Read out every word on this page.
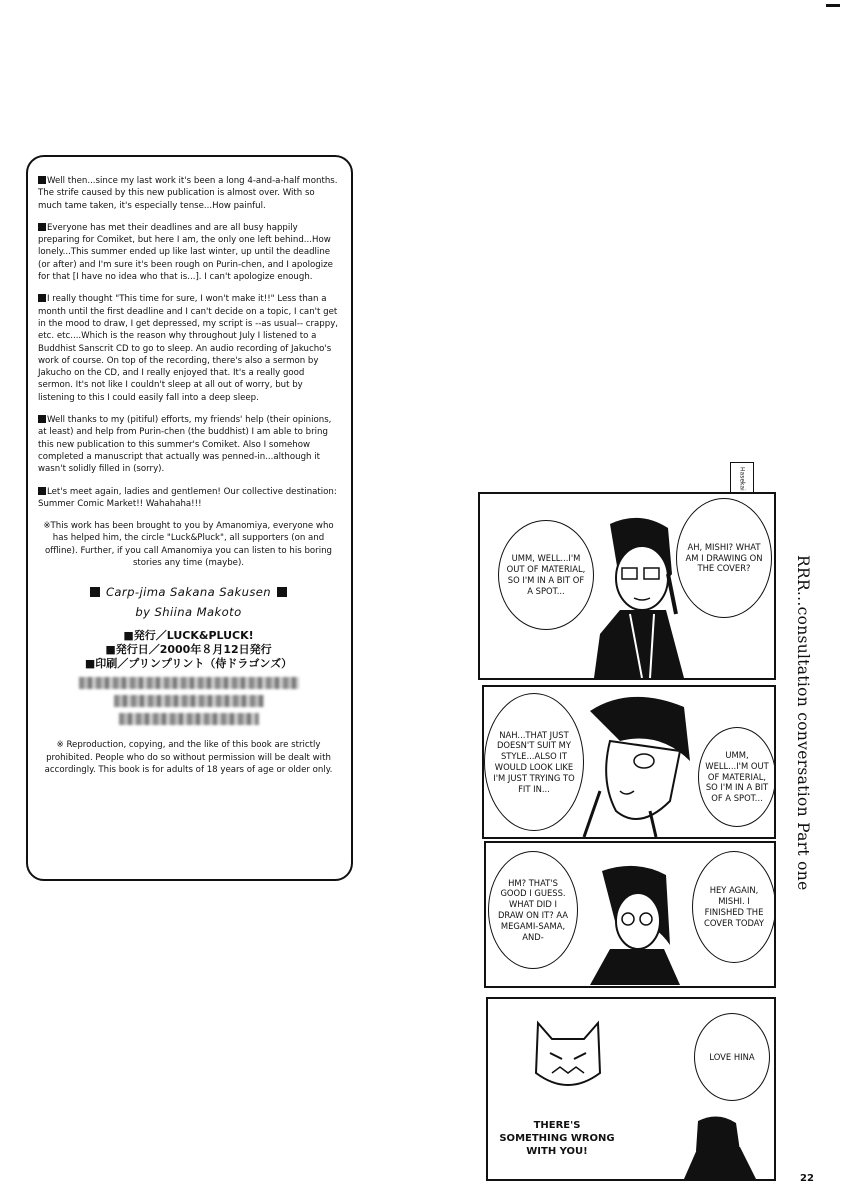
Well then...since my last work it's been a long 4-and-a-half months. The strife caused by this new publication is almost over. With so much tame taken, it's especially tense...How painful.

Everyone has met their deadlines and are all busy happily preparing for Comiket, but here I am, the only one left behind...How lonely...This summer ended up like last winter, up until the deadline (or after) and I'm sure it's been rough on Purin-chen, and I apologize for that [I have no idea who that is...]. I can't apologize enough.

I really thought "This time for sure, I won't make it!!" Less than a month until the first deadline and I can't decide on a topic, I can't get in the mood to draw, I get depressed, my script is --as usual-- crappy, etc. etc....Which is the reason why throughout July I listened to a Buddhist Sanscrit CD to go to sleep. An audio recording of Jakucho's work of course. On top of the recording, there's also a sermon by Jakucho on the CD, and I really enjoyed that. It's a really good sermon. It's not like I couldn't sleep at all out of worry, but by listening to this I could easily fall into a deep sleep.

Well thanks to my (pitiful) efforts, my friends' help (their opinions, at least) and help from Purin-chen (the buddhist) I am able to bring this new publication to this summer's Comiket. Also I somehow completed a manuscript that actually was penned-in...although it wasn't solidly filled in (sorry).

Let's meet again, ladies and gentlemen! Our collective destination: Summer Comic Market!! Wahahaha!!!

※This work has been brought to you by Amanomiya, everyone who has helped him, the circle "Luck&Pluck", all supporters (on and offline). Further, if you call Amanomiya you can listen to his boring stories any time (maybe).

Carp-jima Sakana Sakusen
by Shiina Makoto
■発行／LUCK&PLUCK!
■発行日／2000年８月12日発行
■印刷／プリンプリント（侍ドラゴンズ）

※ Reproduction, copying, and the like of this book are strictly prohibited. People who do so without permission will be dealt with accordingly. This book is for adults of 18 years of age or older only.	RRR...consultation conversation Part one
Hasekai
UMM, WELL...I'M OUT OF MATERIAL, SO I'M IN A BIT OF A SPOT...
AH, MISHI? WHAT AM I DRAWING ON THE COVER?
NAH...THAT JUST DOESN'T SUIT MY STYLE...ALSO IT WOULD LOOK LIKE I'M JUST TRYING TO FIT IN...
UMM, WELL...I'M OUT OF MATERIAL, SO I'M IN A BIT OF A SPOT...
HM? THAT'S GOOD I GUESS. WHAT DID I DRAW ON IT? AA MEGAMI-SAMA, AND-
HEY AGAIN, MISHI. I FINISHED THE COVER TODAY
LOVE HINA
THERE'S SOMETHING WRONG WITH YOU!
22
